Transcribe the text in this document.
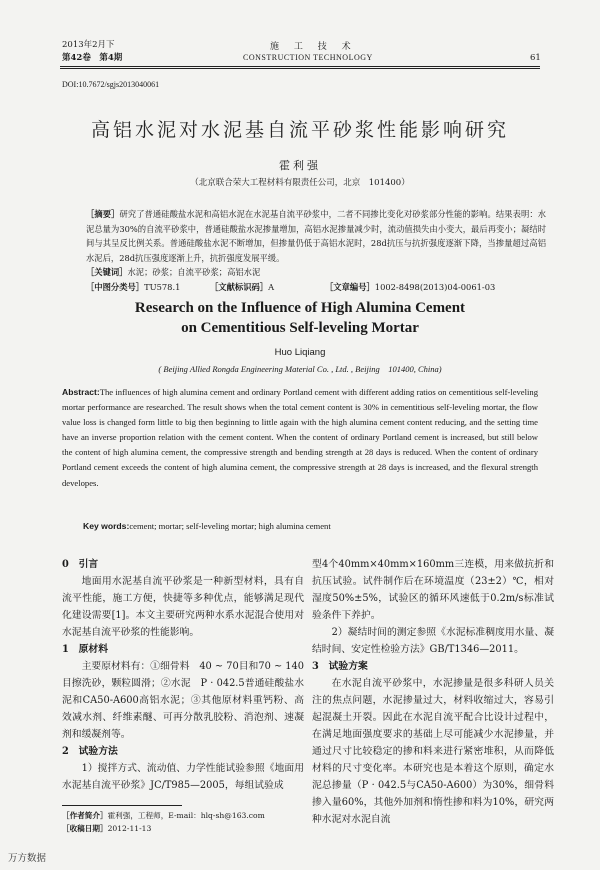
2013年2月下
第42卷　第4期
施 工 技 术
CONSTRUCTION TECHNOLOGY	61
DOI:10.7672/sgjs2013040061
高铝水泥对水泥基自流平砂浆性能影响研究
霍利强
（北京联合荣大工程材料有限责任公司，北京　101400）
［摘要］研究了普通硅酸盐水泥和高铝水泥在水泥基自流平砂浆中，二者不同掺比变化对砂浆部分性能的影响。结果表明：水泥总量为30%的自流平砂浆中，普通硅酸盐水泥掺量增加，高铝水泥掺量减少时，流动值损失由小变大，最后再变小；凝结时间与其呈反比例关系。普通硅酸盐水泥不断增加，但掺量仍低于高铝水泥时，28d抗压与抗折强度逐渐下降，当掺量超过高铝水泥后，28d抗压强度逐渐上升，抗折强度发展平缓。
［关键词］水泥；砂浆；自流平砂浆；高铝水泥
［中图分类号］TU578.1	［文献标识码］A	［文章编号］1002-8498(2013)04-0061-03
Research on the Influence of High Alumina Cement
on Cementitious Self-leveling Mortar
Huo Liqiang
( Beijing Allied Rongda Engineering Material Co. , Ltd. , Beijing　101400, China)
Abstract:The influences of high alumina cement and ordinary Portland cement with different adding ratios on cementitious self-leveling mortar performance are researched. The result shows when the total cement content is 30% in cementitious self-leveling mortar, the flow value loss is changed form little to big then beginning to little again with the high alumina cement content reducing, and the setting time have an inverse proportion relation with the cement content. When the content of ordinary Portland cement is increased, but still below the content of high alumina cement, the compressive strength and bending strength at 28 days is reduced. When the content of ordinary Portland cement exceeds the content of high alumina cement, the compressive strength at 28 days is increased, and the flexural strength developes.
Key words:cement; mortar; self-leveling mortar; high alumina cement

0　引言

地面用水泥基自流平砂浆是一种新型材料，具有自流平性能，施工方便，快捷等多种优点，能够满足现代化建设需要[1]。本文主要研究两种水系水泥混合使用对水泥基自流平砂浆的性能影响。

1　原材料

主要原材料有：①细骨料　40 ~ 70目和70 ~ 140目擦洗砂，颗粒圆滑；②水泥　P · 042.5普通硅酸盐水泥和CA50-A600高铝水泥；③其他原材料重钙粉、高效减水剂、纤维素醚、可再分散乳胶粉、消泡剂、速凝剂和缓凝剂等。

2　试验方法

1）搅拌方式、流动值、力学性能试验参照《地面用水泥基自流平砂浆》JC/T985—2005，每组试验成

型4个40mm×40mm×160mm三连模，用来做抗折和抗压试验。试件制作后在环境温度（23±2）℃，相对湿度50%±5%，试验区的循环风速低于0.2m/s标准试验条件下养护。

2）凝结时间的测定参照《水泥标准稠度用水量、凝结时间、安定性检验方法》GB/T1346—2011。

3　试验方案

在水泥自流平砂浆中，水泥掺量是很多科研人员关注的焦点问题，水泥掺量过大，材料收缩过大，容易引起混凝土开裂。因此在水泥自流平配合比设计过程中，在满足地面强度要求的基础上尽可能减少水泥掺量，并通过尺寸比较稳定的掺和料来进行紧密堆积，从而降低材料的尺寸变化率。本研究也是本着这个原则，确定水泥总掺量（P · 042.5与CA50-A600）为30%，细骨料掺入量60%，其他外加剂和惰性掺和料为10%，研究两种水泥对水泥自流

［作者简介］霍利强，工程师，E-mail：hlq-sh@163.com
［收稿日期］2012-11-13
万方数据
